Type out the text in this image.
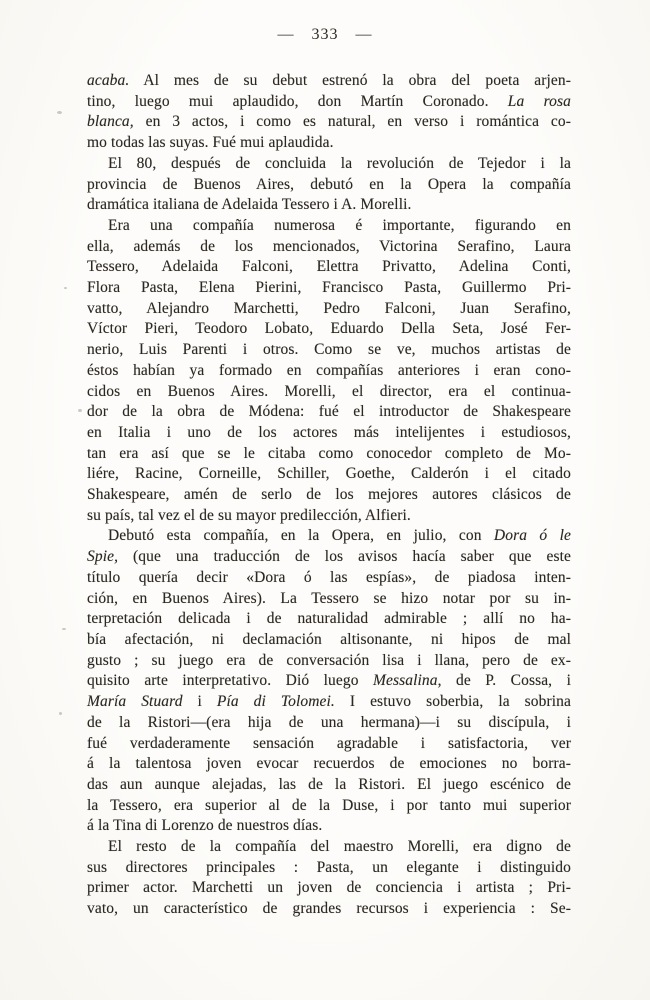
— 333 —
acaba. Al mes de su debut estrenó la obra del poeta arjen-
tino, luego mui aplaudido, don Martín Coronado. La rosa
blanca, en 3 actos, i como es natural, en verso i romántica co-
mo todas las suyas. Fué mui aplaudida.
El 80, después de concluida la revolución de Tejedor i la
provincia de Buenos Aires, debutó en la Opera la compañía
dramática italiana de Adelaida Tessero i A. Morelli.
Era una compañía numerosa é importante, figurando en
ella, además de los mencionados, Victorina Serafino, Laura
Tessero, Adelaida Falconi, Elettra Privatto, Adelina Conti,
Flora Pasta, Elena Pierini, Francisco Pasta, Guillermo Pri-
vatto, Alejandro Marchetti, Pedro Falconi, Juan Serafino,
Víctor Pieri, Teodoro Lobato, Eduardo Della Seta, José Fer-
nerio, Luis Parenti i otros. Como se ve, muchos artistas de
éstos habían ya formado en compañías anteriores i eran cono-
cidos en Buenos Aires. Morelli, el director, era el continua-
dor de la obra de Módena: fué el introductor de Shakespeare
en Italia i uno de los actores más intelijentes i estudiosos,
tan era así que se le citaba como conocedor completo de Mo-
liére, Racine, Corneille, Schiller, Goethe, Calderón i el citado
Shakespeare, amén de serlo de los mejores autores clásicos de
su país, tal vez el de su mayor predilección, Alfieri.
Debutó esta compañía, en la Opera, en julio, con Dora ó le
Spie, (que una traducción de los avisos hacía saber que este
título quería decir «Dora ó las espías», de piadosa inten-
ción, en Buenos Aires). La Tessero se hizo notar por su in-
terpretación delicada i de naturalidad admirable ; allí no ha-
bía afectación, ni declamación altisonante, ni hipos de mal
gusto ; su juego era de conversación lisa i llana, pero de ex-
quisito arte interpretativo. Dió luego Messalina, de P. Cossa, i
María Stuard i Pía di Tolomei. I estuvo soberbia, la sobrina
de la Ristori—(era hija de una hermana)—i su discípula, i
fué verdaderamente sensación agradable i satisfactoria, ver
á la talentosa joven evocar recuerdos de emociones no borra-
das aun aunque alejadas, las de la Ristori. El juego escénico de
la Tessero, era superior al de la Duse, i por tanto mui superior
á la Tina di Lorenzo de nuestros días.
El resto de la compañía del maestro Morelli, era digno de
sus directores principales : Pasta, un elegante i distinguido
primer actor. Marchetti un joven de conciencia i artista ; Pri-
vato, un característico de grandes recursos i experiencia : Se-
